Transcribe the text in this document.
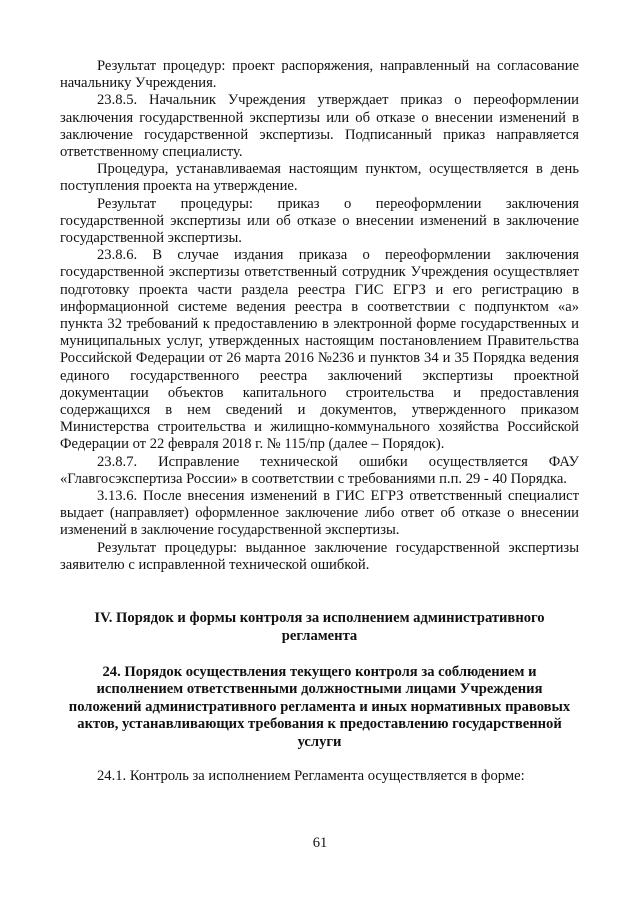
Результат процедур: проект распоряжения, направленный на согласование начальнику Учреждения.

23.8.5. Начальник Учреждения утверждает приказ о переоформлении заключения государственной экспертизы или об отказе о внесении изменений в заключение государственной экспертизы. Подписанный приказ направляется ответственному специалисту.

Процедура, устанавливаемая настоящим пунктом, осуществляется в день поступления проекта на утверждение.

Результат процедуры: приказ о переоформлении заключения государственной экспертизы или об отказе о внесении изменений в заключение государственной экспертизы.

23.8.6. В случае издания приказа о переоформлении заключения государственной экспертизы ответственный сотрудник Учреждения осуществляет подготовку проекта части раздела реестра ГИС ЕГРЗ и его регистрацию в информационной системе ведения реестра в соответствии с подпунктом «а» пункта 32 требований к предоставлению в электронной форме государственных и муниципальных услуг, утвержденных настоящим постановлением Правительства Российской Федерации от 26 марта 2016 №236 и пунктов 34 и 35 Порядка ведения единого государственного реестра заключений экспертизы проектной документации объектов капитального строительства и предоставления содержащихся в нем сведений и документов, утвержденного приказом Министерства строительства и жилищно-коммунального хозяйства Российской Федерации от 22 февраля 2018 г. № 115/пр (далее – Порядок).

23.8.7. Исправление технической ошибки осуществляется ФАУ «Главгосэкспертиза России» в соответствии с требованиями п.п. 29 - 40 Порядка.

3.13.6. После внесения изменений в ГИС ЕГРЗ ответственный специалист выдает (направляет) оформленное заключение либо ответ об отказе о внесении изменений в заключение государственной экспертизы.

Результат процедуры: выданное заключение государственной экспертизы заявителю с исправленной технической ошибкой.

IV. Порядок и формы контроля за исполнением административного регламента

24. Порядок осуществления текущего контроля за соблюдением и исполнением ответственными должностными лицами Учреждения положений административного регламента и иных нормативных правовых актов, устанавливающих требования к предоставлению государственной услуги

24.1. Контроль за исполнением Регламента осуществляется в форме:

61
